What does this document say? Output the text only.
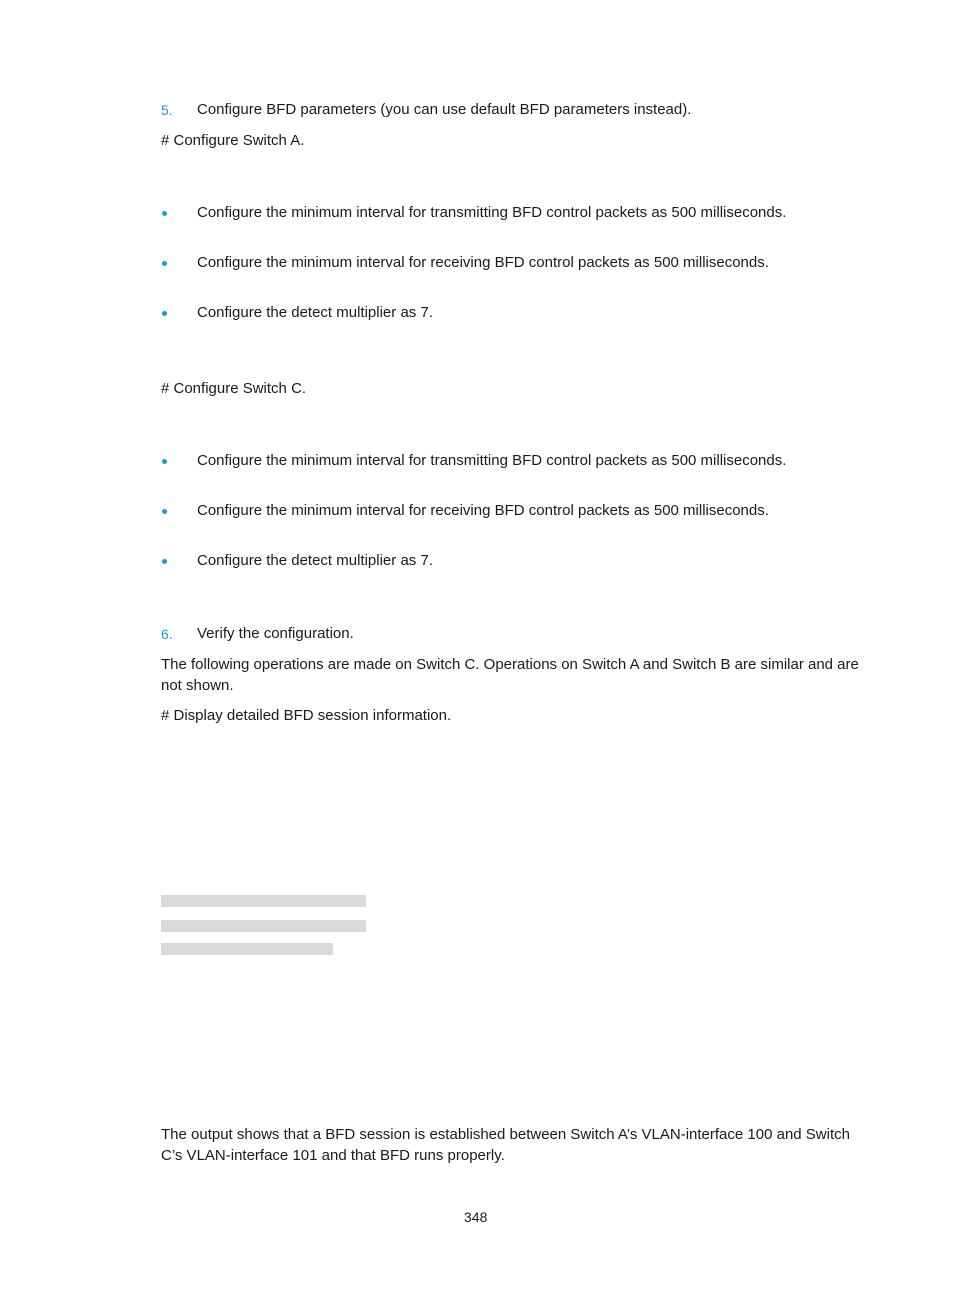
5. Configure BFD parameters (you can use default BFD parameters instead).
# Configure Switch A.
Configure the minimum interval for transmitting BFD control packets as 500 milliseconds.
Configure the minimum interval for receiving BFD control packets as 500 milliseconds.
Configure the detect multiplier as 7.
# Configure Switch C.
Configure the minimum interval for transmitting BFD control packets as 500 milliseconds.
Configure the minimum interval for receiving BFD control packets as 500 milliseconds.
Configure the detect multiplier as 7.
6. Verify the configuration.
The following operations are made on Switch C. Operations on Switch A and Switch B are similar and are not shown.
# Display detailed BFD session information.
The output shows that a BFD session is established between Switch A’s VLAN-interface 100 and Switch C’s VLAN-interface 101 and that BFD runs properly.
348
